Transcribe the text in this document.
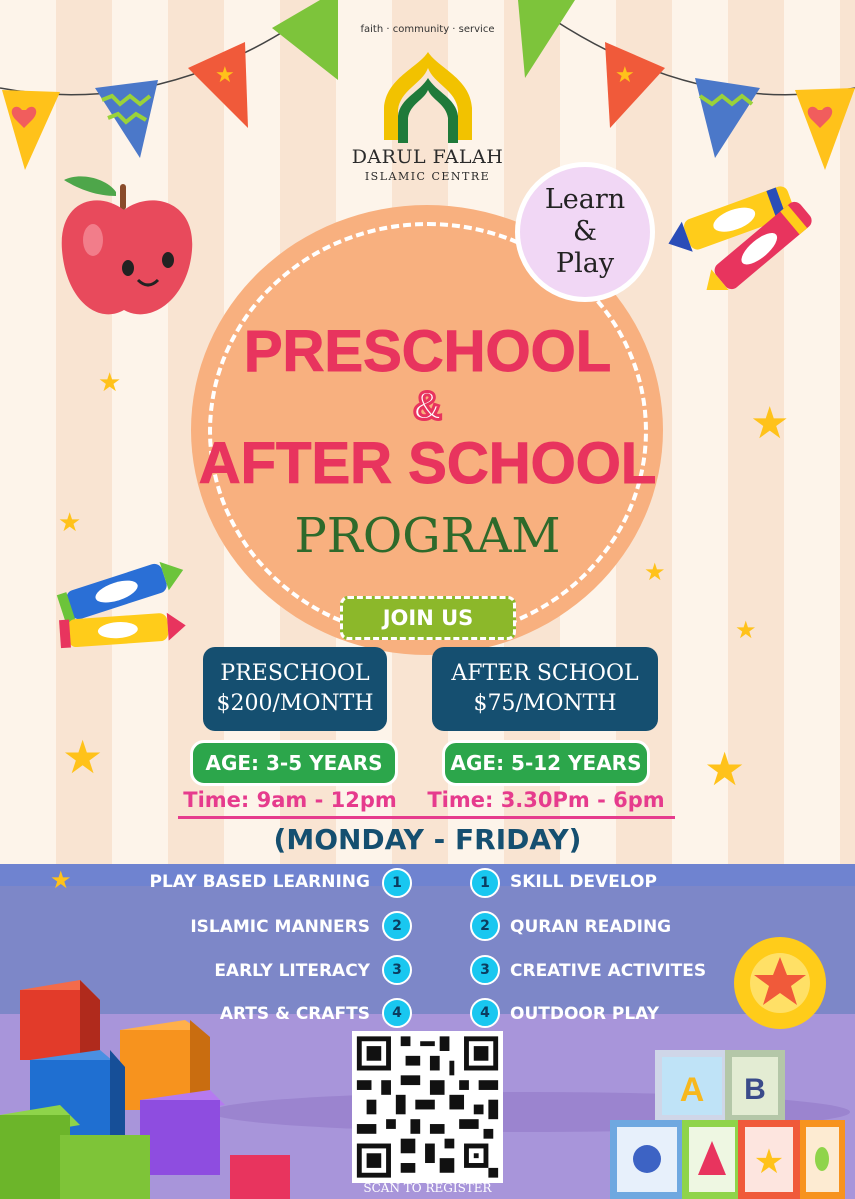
★	★
faith · community · service
DARUL FALAH
ISLAMIC CENTRE
Learn
&
Play
PRESCHOOL
&
AFTER SCHOOL
PROGRAM
★
★
★
★
★
★	★
JOIN US
PRESCHOOL
$200/MONTH
AFTER SCHOOL
$75/MONTH
AGE: 3-5 YEARS	AGE: 5-12 YEARS
Time: 9am - 12pm	Time: 3.30Pm - 6pm
(MONDAY - FRIDAY)
★	PLAY BASED LEARNING	1
ISLAMIC MANNERS	2
EARLY LITERACY	3
ARTS & CRAFTS	4
1	SKILL DEVELOP
2	QURAN READING
3	CREATIVE ACTIVITES
4	OUTDOOR PLAY
SCAN TO REGISTER
A B
★
